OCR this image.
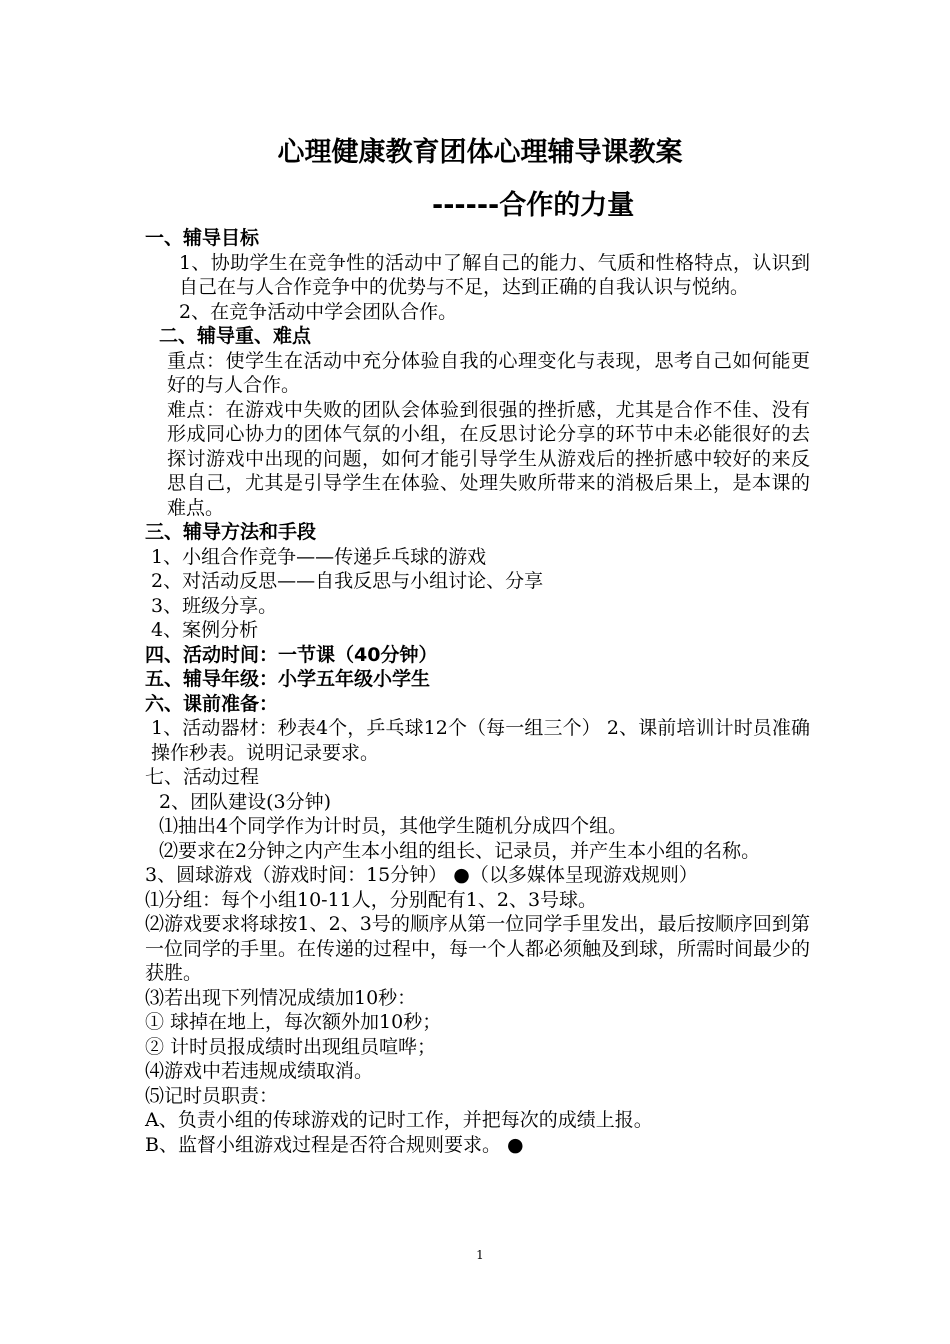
心理健康教育团体心理辅导课教案
------合作的力量

一、辅导目标

1、协助学生在竞争性的活动中了解自己的能力、气质和性格特点，认识到自己在与人合作竞争中的优势与不足，达到正确的自我认识与悦纳。

2、在竞争活动中学会团队合作。

二、辅导重、难点

重点：使学生在活动中充分体验自我的心理变化与表现，思考自己如何能更好的与人合作。

难点：在游戏中失败的团队会体验到很强的挫折感，尤其是合作不佳、没有形成同心协力的团体气氛的小组，在反思讨论分享的环节中未必能很好的去探讨游戏中出现的问题，如何才能引导学生从游戏后的挫折感中较好的来反思自己，尤其是引导学生在体验、处理失败所带来的消极后果上，是本课的难点。

三、辅导方法和手段

1、小组合作竞争——传递乒乓球的游戏

2、对活动反思——自我反思与小组讨论、分享

3、班级分享。

4、案例分析

四、活动时间：一节课（40分钟）

五、辅导年级：小学五年级小学生

六、课前准备：

1、活动器材：秒表4个，乒乓球12个（每一组三个） 2、课前培训计时员准确操作秒表。说明记录要求。

七、活动过程

2、团队建设(3分钟)

⑴抽出4个同学作为计时员，其他学生随机分成四个组。

⑵要求在2分钟之内产生本小组的组长、记录员，并产生本小组的名称。

3、圆球游戏（游戏时间：15分钟） ●（以多媒体呈现游戏规则）

⑴分组：每个小组10-11人，分别配有1、2、3号球。

⑵游戏要求将球按1、2、3号的顺序从第一位同学手里发出，最后按顺序回到第一位同学的手里。在传递的过程中，每一个人都必须触及到球，所需时间最少的获胜。

⑶若出现下列情况成绩加10秒：

① 球掉在地上，每次额外加10秒；

② 计时员报成绩时出现组员喧哗；

⑷游戏中若违规成绩取消。

⑸记时员职责：

A、负责小组的传球游戏的记时工作，并把每次的成绩上报。

B、监督小组游戏过程是否符合规则要求。 ●

1
